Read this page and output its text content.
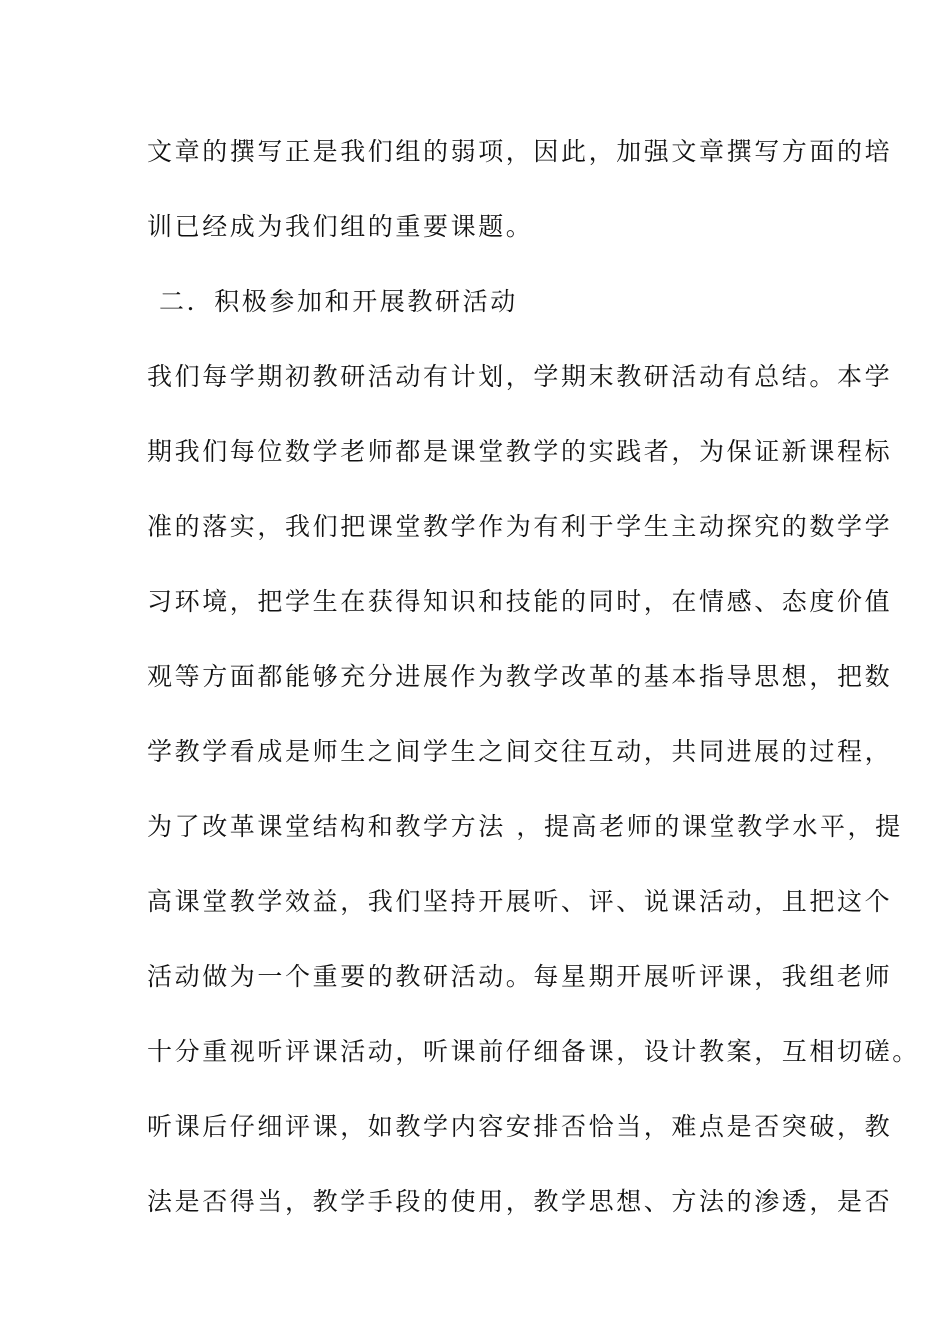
文章的撰写正是我们组的弱项，因此，加强文章撰写方面的培
训已经成为我们组的重要课题。
二．积极参加和开展教研活动
我们每学期初教研活动有计划，学期末教研活动有总结。本学
期我们每位数学老师都是课堂教学的实践者，为保证新课程标
准的落实，我们把课堂教学作为有利于学生主动探究的数学学
习环境，把学生在获得知识和技能的同时，在情感、态度价值
观等方面都能够充分进展作为教学改革的基本指导思想，把数
学教学看成是师生之间学生之间交往互动，共同进展的过程，
为了改革课堂结构和教学方法 ，提高老师的课堂教学水平，提
高课堂教学效益，我们坚持开展听、评、说课活动，且把这个
活动做为一个重要的教研活动。每星期开展听评课，我组老师
十分重视听评课活动，听课前仔细备课，设计教案，互相切磋。
听课后仔细评课，如教学内容安排否恰当，难点是否突破，教
法是否得当，教学手段的使用，教学思想、方法的渗透，是否
